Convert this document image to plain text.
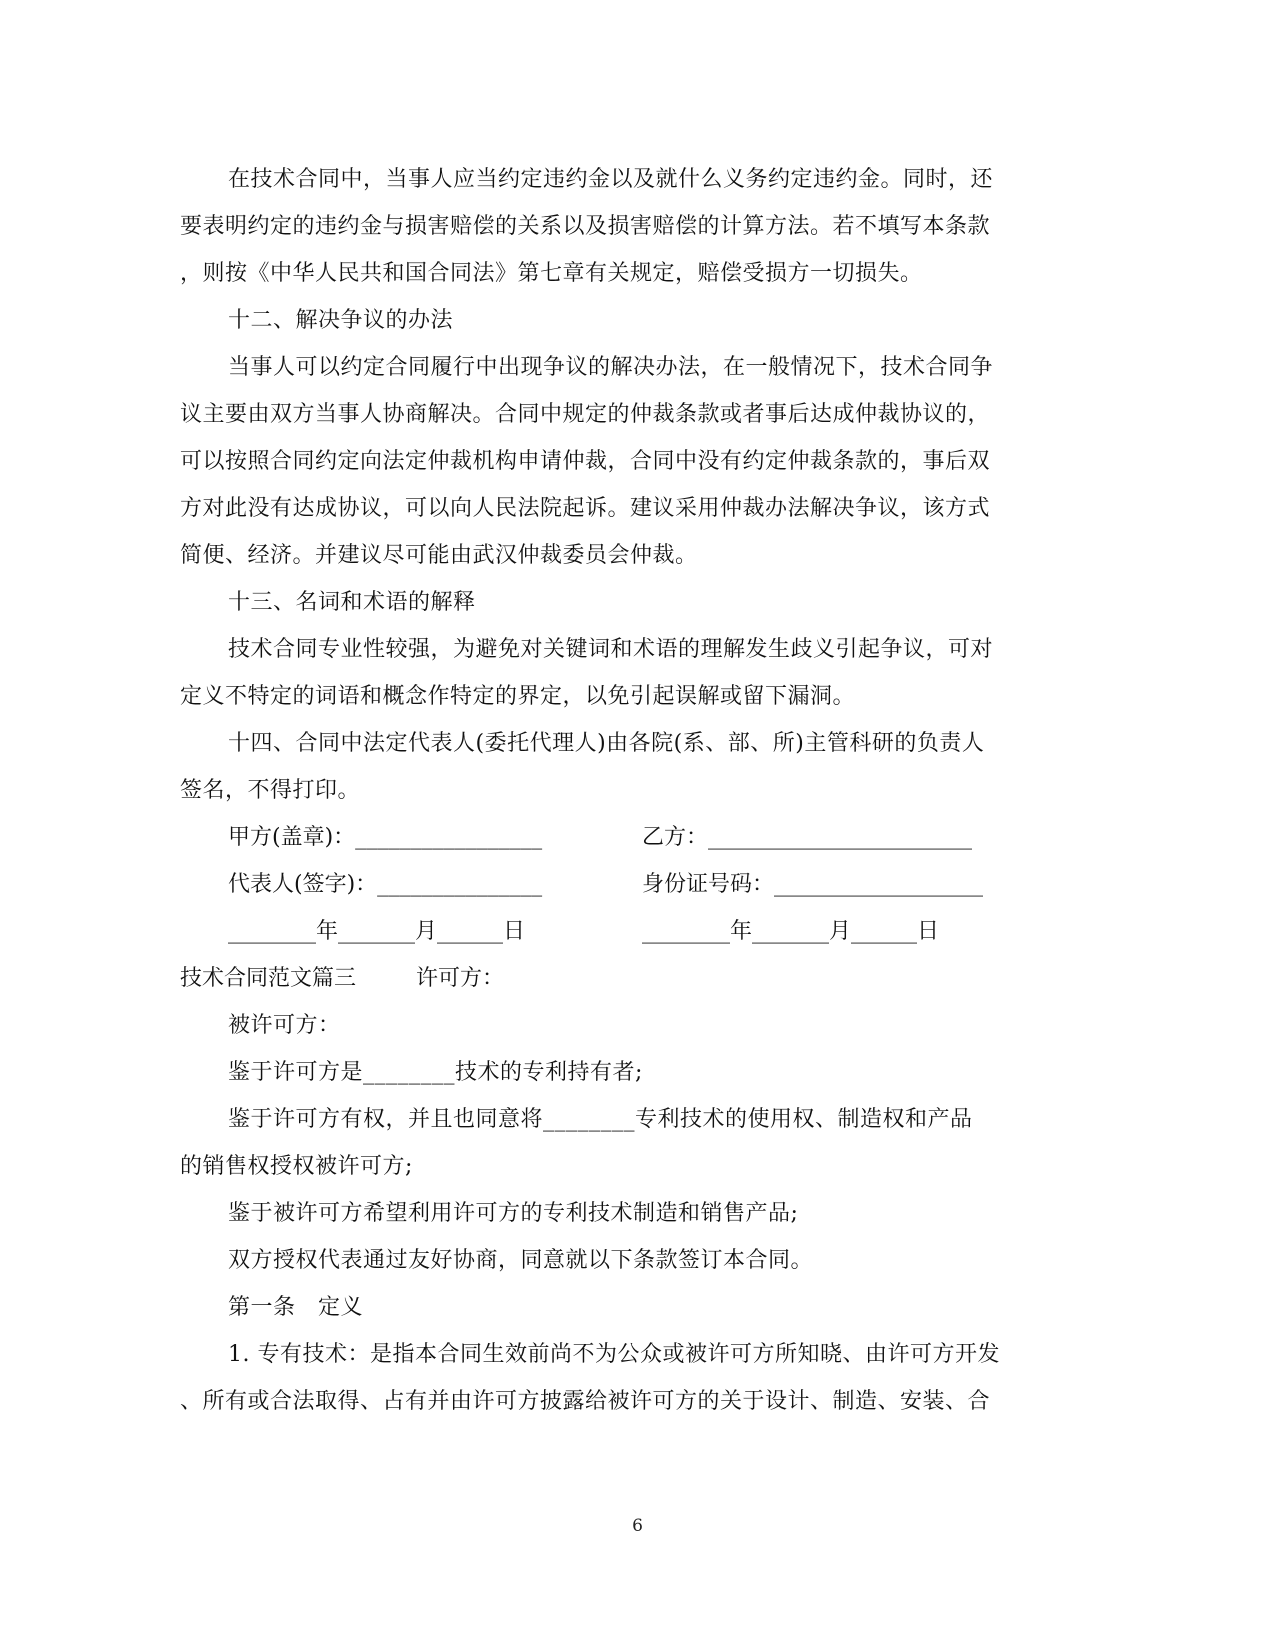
在技术合同中，当事人应当约定违约金以及就什么义务约定违约金。同时，还
要表明约定的违约金与损害赔偿的关系以及损害赔偿的计算方法。若不填写本条款
，则按《中华人民共和国合同法》第七章有关规定，赔偿受损方一切损失。
十二、解决争议的办法
当事人可以约定合同履行中出现争议的解决办法，在一般情况下，技术合同争
议主要由双方当事人协商解决。合同中规定的仲裁条款或者事后达成仲裁协议的，
可以按照合同约定向法定仲裁机构申请仲裁，合同中没有约定仲裁条款的，事后双
方对此没有达成协议，可以向人民法院起诉。建议采用仲裁办法解决争议，该方式
简便、经济。并建议尽可能由武汉仲裁委员会仲裁。
十三、名词和术语的解释
技术合同专业性较强，为避免对关键词和术语的理解发生歧义引起争议，可对
定义不特定的词语和概念作特定的界定，以免引起误解或留下漏洞。
十四、合同中法定代表人(委托代理人)由各院(系、部、所)主管科研的负责人
签名，不得打印。
甲方(盖章)：_________________	乙方：________________________
代表人(签字)：_______________	身份证号码：___________________
________年_______月______日	________年_______月______日
技术合同范文篇三	许可方：
被许可方：
鉴于许可方是________技术的专利持有者;
鉴于许可方有权，并且也同意将________专利技术的使用权、制造权和产品
的销售权授权被许可方;
鉴于被许可方希望利用许可方的专利技术制造和销售产品;
双方授权代表通过友好协商，同意就以下条款签订本合同。
第一条　定义
1. 专有技术：是指本合同生效前尚不为公众或被许可方所知晓、由许可方开发
、所有或合法取得、占有并由许可方披露给被许可方的关于设计、制造、安装、合
6
